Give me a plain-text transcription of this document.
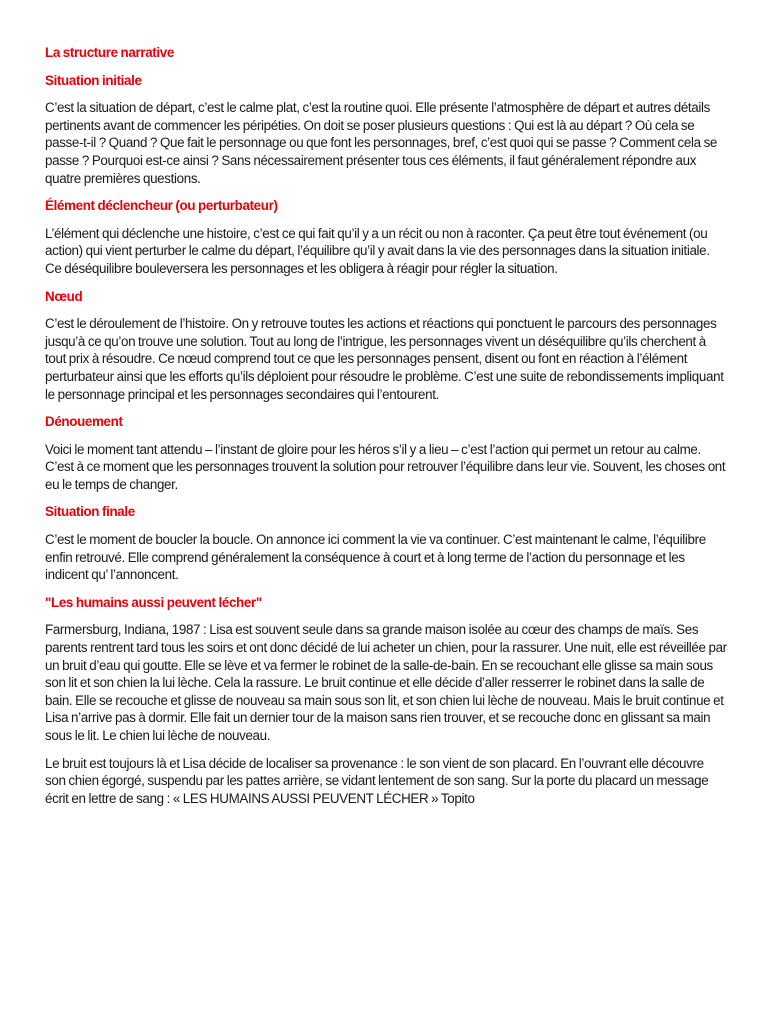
La structure narrative
Situation initiale
C’est la situation de départ, c’est le calme plat, c’est la routine quoi. Elle présente l’atmosphère de départ et autres détails pertinents avant de commencer les péripéties. On doit se poser plusieurs questions : Qui est là au départ ? Où cela se passe-t-il ? Quand ? Que fait le personnage ou que font les personnages, bref, c’est quoi qui se passe ? Comment cela se passe ? Pourquoi est-ce ainsi ? Sans nécessairement présenter tous ces éléments, il faut généralement répondre aux quatre premières questions.
Élément déclencheur (ou perturbateur)
L’élément qui déclenche une histoire, c’est ce qui fait qu’il y a un récit ou non à raconter. Ça peut être tout événement (ou action) qui vient perturber le calme du départ, l’équilibre qu’il y avait dans la vie des personnages dans la situation initiale. Ce déséquilibre bouleversera les personnages et les obligera à réagir pour régler la situation.
Nœud
C’est le déroulement de l’histoire. On y retrouve toutes les actions et réactions qui ponctuent le parcours des personnages jusqu’à ce qu’on trouve une solution. Tout au long de l’intrigue, les personnages vivent un déséquilibre qu’ils cherchent à tout prix à résoudre. Ce nœud comprend tout ce que les personnages pensent, disent ou font en réaction à l’élément perturbateur ainsi que les efforts qu’ils déploient pour résoudre le problème. C’est une suite de rebondissements impliquant le personnage principal et les personnages secondaires qui l’entourent.
Dénouement
Voici le moment tant attendu – l’instant de gloire pour les héros s’il y a lieu – c’est l’action qui permet un retour au calme. C’est à ce moment que les personnages trouvent la solution pour retrouver l’équilibre dans leur vie. Souvent, les choses ont eu le temps de changer.
Situation finale
C’est le moment de boucler la boucle. On annonce ici comment la vie va continuer. C’est maintenant le calme, l’équilibre enfin retrouvé. Elle comprend généralement la conséquence à court et à long terme de l’action du personnage et les indicent qu’ l’annoncent.
"Les humains aussi peuvent lécher"
Farmersburg, Indiana, 1987 : Lisa est souvent seule dans sa grande maison isolée au cœur des champs de maïs. Ses parents rentrent tard tous les soirs et ont donc décidé de lui acheter un chien, pour la rassurer. Une nuit, elle est réveillée par un bruit d’eau qui goutte. Elle se lève et va fermer le robinet de la salle-de-bain. En se recouchant elle glisse sa main sous son lit et son chien la lui lèche. Cela la rassure. Le bruit continue et elle décide d’aller resserrer le robinet dans la salle de bain. Elle se recouche et glisse de nouveau sa main sous son lit, et son chien lui lèche de nouveau. Mais le bruit continue et Lisa n’arrive pas à dormir. Elle fait un dernier tour de la maison sans rien trouver, et se recouche donc en glissant sa main sous le lit. Le chien lui lèche de nouveau.
Le bruit est toujours là et Lisa décide de localiser sa provenance : le son vient de son placard. En l’ouvrant elle découvre son chien égorgé, suspendu par les pattes arrière, se vidant lentement de son sang. Sur la porte du placard un message écrit en lettre de sang : « LES HUMAINS AUSSI PEUVENT LÉCHER » Topito
